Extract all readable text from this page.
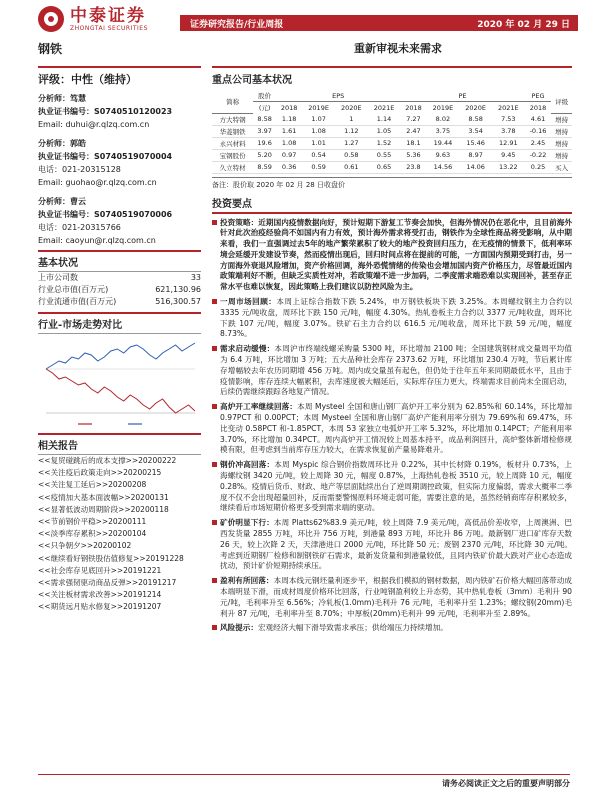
中泰证券
ZHONGTAI SECURITIES	证券研究报告/行业周报	2020 年 02 月 29 日
钢铁	重新审视未来需求
评级：中性（维持）
分析师：笃慧
执业证书编号：S0740510120023
Email: duhui@r.qlzq.com.cn
分析师：郭皓
执业证书编号：S0740519070004
电话：021-20315128
Email: guohao@r.qlzq.com.cn
分析师：曹云
执业证书编号：S0740519070006
电话：021-20315766
Email: caoyun@r.qlzq.com.cn
基本状况
上市公司数	33
行业总市值(百万元)	621,130.96
行业流通市值(百万元)	516,300.57
行业-市场走势对比
相关报告
<<复贸碰跳后的成本支撑>>20200222
<<关注疫后政策走向>>20200215
<<关注复工延后>>20200208
<<疫情加大基本面波幅>>20200131
<<显著低波动周期阶段>>20200118
<<节前钢价平稳>>20200111
<<淡季库存累积>>20200104
<<只争朝夕>>20200102
<<继续看好钢铁股估值修复>>20191228
<<社会库存见底回升>>20191221
<<需求强韧驱动商品反弹>>20191217
<<关注板材需求改善>>20191214
<<期货远月贴水修复>>20191207
重点公司基本状况
简称	股价	EPS				PE				PEG	评级
	(元)	2018	2019E	2020E	2021E	2018	2019E	2020E	2021E	2018	
方大特钢	8.58	1.18	1.07	1	1.14	7.27	8.02	8.58	7.53	4.61	增持
华菱钢铁	3.97	1.61	1.08	1.12	1.05	2.47	3.75	3.54	3.78	-0.16	增持
永兴材料	19.6	1.08	1.01	1.27	1.52	18.1	19.44	15.46	12.91	2.45	增持
宝钢股份	5.20	0.97	0.54	0.58	0.55	5.36	9.63	8.97	9.45	-0.22	增持
久立特材	8.59	0.36	0.59	0.61	0.65	23.8	14.56	14.06	13.22	0.25	买入
备注：股价取 2020 年 02 月 28 日收盘价
投资要点
投资策略：近期国内疫情数据向好，预计短期下游复工节奏会加快，但海外情况仍在恶化中，且目前海外针对此次治疫经验尚不如国内有力有效，预计海外需求将受打击，钢铁作为全球性商品将受影响，从中期来看，我们一直强调过去5年的地产繁荣累积了较大的地产投资回归压力，在无疫情的情景下，低利率环境会延缓开发建设节奏，然而疫情出现后，回归时间点将在提前的可能，一方面国内预期受到打击，另一方面海外衰退风险增加，资产价格回调，海外恐慌情绪的传染也会增加国内资产价格压力，尽管最近国内政策端利好不断，但缺乏实质性对冲，若政策端不进一步加码，二季度需求端恐难以实现回补，甚至存正常水平也难以恢复，因此策略上我们建议以防控风险为主。
一周市场回顾：本周上证综合指数下跌 5.24%，申万钢铁板块下跌 3.25%。本周螺纹钢主力合约以 3335 元/吨收盘，周环比下跌 150 元/吨，幅度 4.30%。热轧卷板主力合约以 3377 元/吨收盘，周环比下跌 107 元/吨，幅度 3.07%。铁矿石主力合约以 616.5 元/吨收盘，周环比下跌 59 元/吨，幅度 8.73%。
需求启动缓慢：本周沪市终端线螺采购量 5300 吨，环比增加 2100 吨；全国建筑钢材成交量周平均值为 6.4 万吨，环比增加 3 万吨；五大品种社会库存 2373.62 万吨，环比增加 230.4 万吨，节后累计库存增幅较去年农历同期增 456 万吨。周内成交量虽有起色，但仍处于往年五年来同期最低水平，且由于疫情影响，库存连续大幅累积，去库速度被大幅延后，实际库存压力更大，终端需求目前尚未全面启动，后续仍需继续跟踪各地复产情况。
高炉开工率继续回落：本周 Mysteel 全国和唐山钢厂高炉开工率分别为 62.85%和 60.14%，环比增加 0.97PCT 和 0.00PCT；本周 Mysteel 全国和唐山钢厂高炉产能利用率分别为 79.69%和 69.47%，环比变动 0.58PCT 和-1.85PCT，本周 53 家独立电弧炉开工率 5.32%，环比增加 0.14PCT；产能利用率 3.70%，环比增加 0.34PCT。周内高炉开工情况较上周基本持平，成品利润回升，高炉整体新增检修规模有限，但考虑到当前库存压力较大，在需求恢复前产量易降难升。
钢价冲高回落：本周 Myspic 综合钢价指数周环比升 0.22%，其中长材降 0.19%，板材升 0.73%，上海螺纹钢 3420 元/吨，较上周降 30 元，幅度 0.87%，上海热轧卷板 3510 元，较上周降 10 元，幅度 0.28%。疫情后货币、财政、地产等层面陆续出台了逆周期调控政策，但实际力度偏弱，需求大概率二季度不仅不会出现超量回补，反而需要警惕原料环境走弱可能，需要注意的是，虽然经销商库存积累较多，继续看后市场短期价格更多受到需求端的驱动。
矿价明显下行：本周 Platts62%83.9 美元/吨，较上周降 7.9 美元/吨，高低品价差收窄，上周澳洲、巴西发货量 2855 万吨，环比升 756 万吨，到港量 893 万吨，环比升 86 万吨。最新钢厂进口矿库存天数 26 天，较上次降 2 天，天津港进口 2000 元/吨，环比降 50 元；废钢 2370 元/吨，环比降 30 元/吨。考虑到近期钢厂检修和制钢铁矿石需求，最新发货量和到港量较低，且同内铁矿价最大跌对产业心态造成扰动，预计矿价短期持续承压。
盈利有所回落：本周本线元钢坯量利逐步平，根据我们模拟的钢材数据，周内铁矿石价格大幅回落带动成本端明显下滑，而成材周度价格环比回落，行业吨钢盈利较上升态势，其中热轧卷板（3mm）毛利升 90 元/吨，毛利率升至 6.56%；冷轧板(1.0mm)毛利升 76 元/吨，毛利率升至 1.23%；螺纹钢(20mm)毛利升 87 元/吨，毛利率升至 8.70%；中厚板(20mm)毛利升 99 元/吨，毛利率升至 2.89%。
风险提示：宏观经济大幅下滑导致需求承压；供给端压力持续增加。
请务必阅读正文之后的重要声明部分
